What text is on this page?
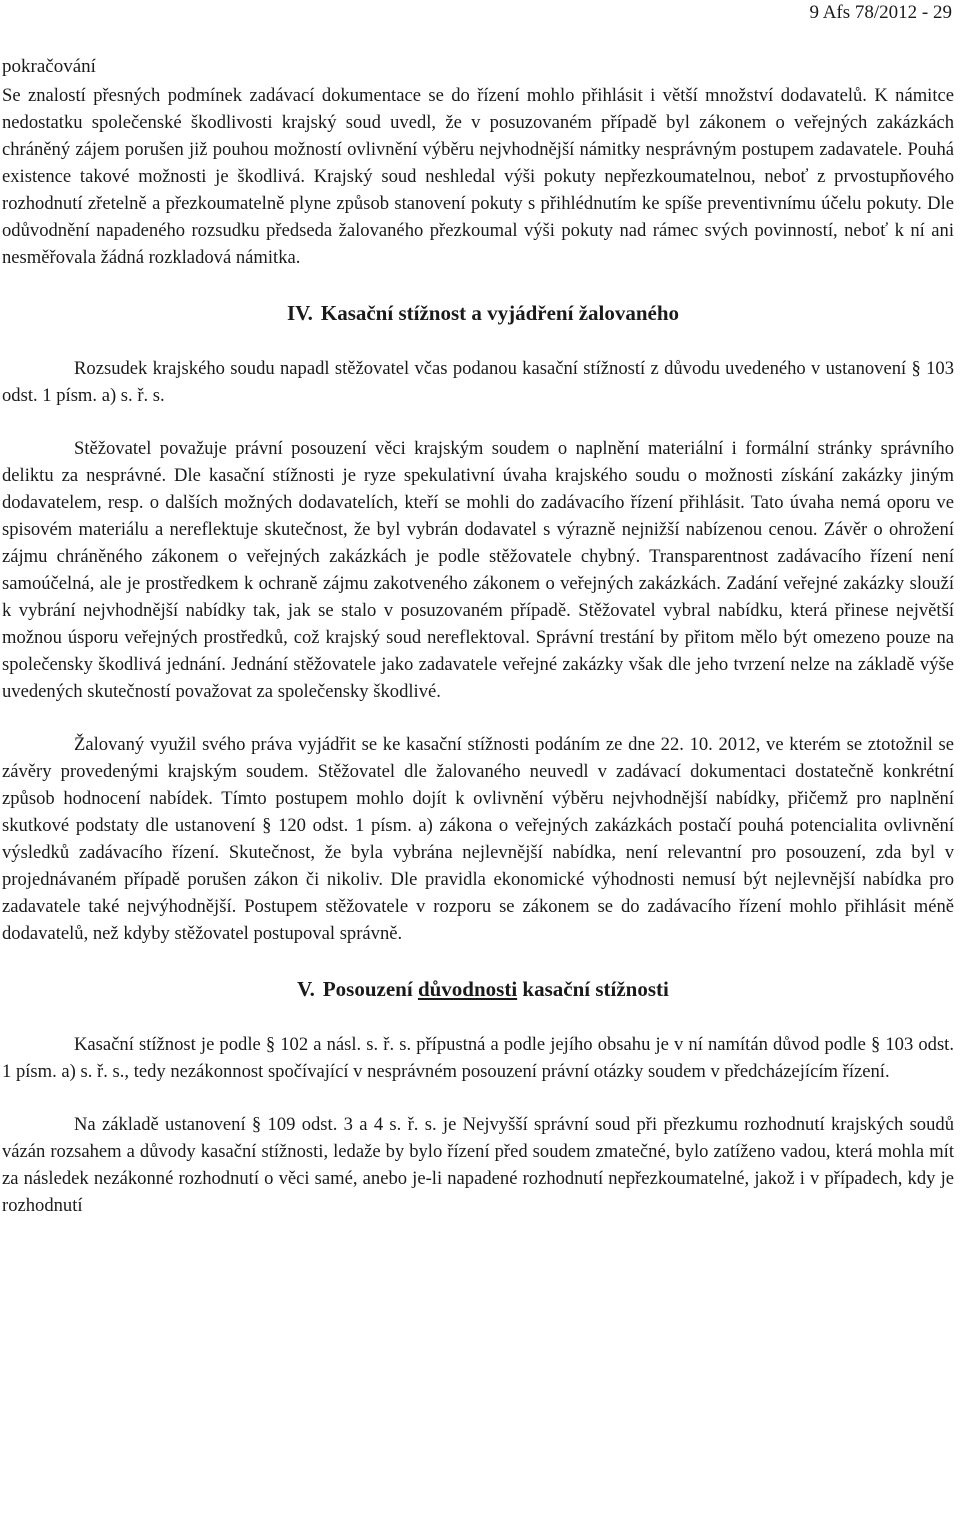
9 Afs 78/2012 - 29
pokračování

Se znalostí přesných podmínek zadávací dokumentace se do řízení mohlo přihlásit i větší množství dodavatelů. K námitce nedostatku společenské škodlivosti krajský soud uvedl, že v posuzovaném případě byl zákonem o veřejných zakázkách chráněný zájem porušen již pouhou možností ovlivnění výběru nejvhodnější námitky nesprávným postupem zadavatele. Pouhá existence takové možnosti je škodlivá. Krajský soud neshledal výši pokuty nepřezkoumatelnou, neboť z prvostupňového rozhodnutí zřetelně a přezkoumatelně plyne způsob stanovení pokuty s přihlédnutím ke spíše preventivnímu účelu pokuty. Dle odůvodnění napadeného rozsudku předseda žalovaného přezkoumal výši pokuty nad rámec svých povinností, neboť k ní ani nesměřovala žádná rozkladová námitka.

IV. Kasační stížnost a vyjádření žalovaného

Rozsudek krajského soudu napadl stěžovatel včas podanou kasační stížností z důvodu uvedeného v ustanovení § 103 odst. 1 písm. a) s. ř. s.

Stěžovatel považuje právní posouzení věci krajským soudem o naplnění materiální i formální stránky správního deliktu za nesprávné. Dle kasační stížnosti je ryze spekulativní úvaha krajského soudu o možnosti získání zakázky jiným dodavatelem, resp. o dalších možných dodavatelích, kteří se mohli do zadávacího řízení přihlásit. Tato úvaha nemá oporu ve spisovém materiálu a nereflektuje skutečnost, že byl vybrán dodavatel s výrazně nejnižší nabízenou cenou. Závěr o ohrožení zájmu chráněného zákonem o veřejných zakázkách je podle stěžovatele chybný. Transparentnost zadávacího řízení není samoúčelná, ale je prostředkem k ochraně zájmu zakotveného zákonem o veřejných zakázkách. Zadání veřejné zakázky slouží k vybrání nejvhodnější nabídky tak, jak se stalo v posuzovaném případě. Stěžovatel vybral nabídku, která přinese největší možnou úsporu veřejných prostředků, což krajský soud nereflektoval. Správní trestání by přitom mělo být omezeno pouze na společensky škodlivá jednání. Jednání stěžovatele jako zadavatele veřejné zakázky však dle jeho tvrzení nelze na základě výše uvedených skutečností považovat za společensky škodlivé.

Žalovaný využil svého práva vyjádřit se ke kasační stížnosti podáním ze dne 22. 10. 2012, ve kterém se ztotožnil se závěry provedenými krajským soudem. Stěžovatel dle žalovaného neuvedl v zadávací dokumentaci dostatečně konkrétní způsob hodnocení nabídek. Tímto postupem mohlo dojít k ovlivnění výběru nejvhodnější nabídky, přičemž pro naplnění skutkové podstaty dle ustanovení § 120 odst. 1 písm. a) zákona o veřejných zakázkách postačí pouhá potencialita ovlivnění výsledků zadávacího řízení. Skutečnost, že byla vybrána nejlevnější nabídka, není relevantní pro posouzení, zda byl v projednávaném případě porušen zákon či nikoliv. Dle pravidla ekonomické výhodnosti nemusí být nejlevnější nabídka pro zadavatele také nejvýhodnější. Postupem stěžovatele v rozporu se zákonem se do zadávacího řízení mohlo přihlásit méně dodavatelů, než kdyby stěžovatel postupoval správně.

V. Posouzení důvodnosti kasační stížnosti

Kasační stížnost je podle § 102 a násl. s. ř. s. přípustná a podle jejího obsahu je v ní namítán důvod podle § 103 odst. 1 písm. a) s. ř. s., tedy nezákonnost spočívající v nesprávném posouzení právní otázky soudem v předcházejícím řízení.

Na základě ustanovení § 109 odst. 3 a 4 s. ř. s. je Nejvyšší správní soud při přezkumu rozhodnutí krajských soudů vázán rozsahem a důvody kasační stížnosti, ledaže by bylo řízení před soudem zmatečné, bylo zatíženo vadou, která mohla mít za následek nezákonné rozhodnutí o věci samé, anebo je-li napadené rozhodnutí nepřezkoumatelné, jakož i v případech, kdy je rozhodnutí
